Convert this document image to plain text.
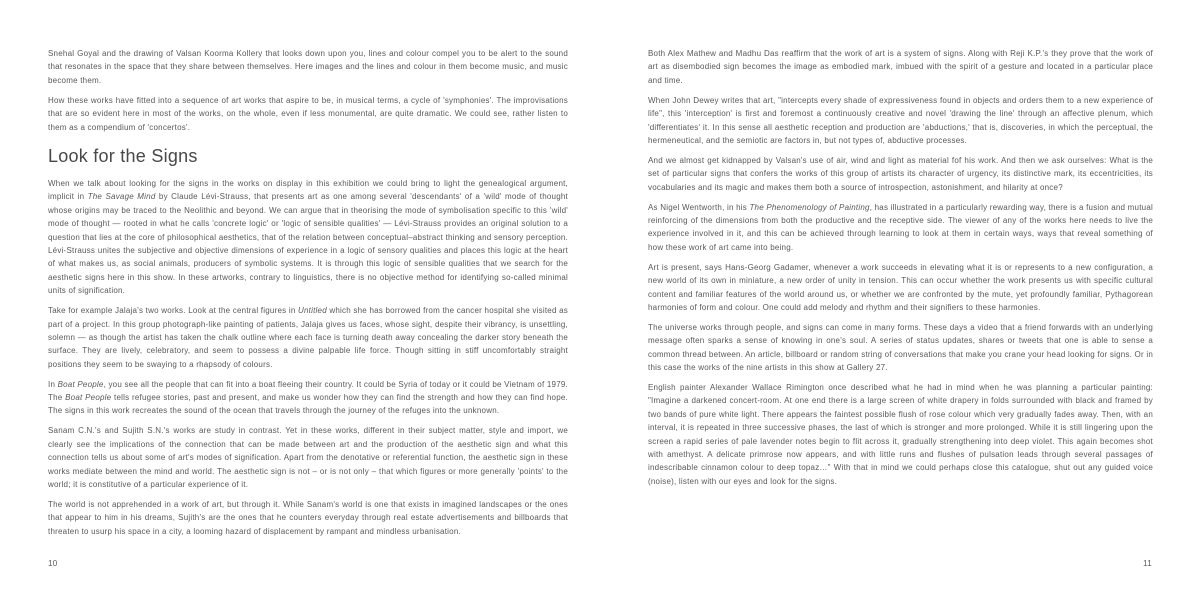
Snehal Goyal and the drawing of Valsan Koorma Kollery that looks down upon you, lines and colour compel you to be alert to the sound that resonates in the space that they share between themselves. Here images and the lines and colour in them become music, and music become them.

How these works have fitted into a sequence of art works that aspire to be, in musical terms, a cycle of 'symphonies'. The improvisations that are so evident here in most of the works, on the whole, even if less monumental, are quite dramatic. We could see, rather listen to them as a compendium of 'concertos'.

Look for the Signs

When we talk about looking for the signs in the works on display in this exhibition we could bring to light the genealogical argument, implicit in The Savage Mind by Claude Lévi-Strauss, that presents art as one among several 'descendants' of a 'wild' mode of thought whose origins may be traced to the Neolithic and beyond. We can argue that in theorising the mode of symbolisation specific to this 'wild' mode of thought — rooted in what he calls 'concrete logic' or 'logic of sensible qualities' — Lévi-Strauss provides an original solution to a question that lies at the core of philosophical aesthetics, that of the relation between conceptual–abstract thinking and sensory perception. Lévi-Strauss unites the subjective and objective dimensions of experience in a logic of sensory qualities and places this logic at the heart of what makes us, as social animals, producers of symbolic systems. It is through this logic of sensible qualities that we search for the aesthetic signs here in this show. In these artworks, contrary to linguistics, there is no objective method for identifying so-called minimal units of signification.

Take for example Jalaja's two works. Look at the central figures in Untitled which she has borrowed from the cancer hospital she visited as part of a project. In this group photograph-like painting of patients, Jalaja gives us faces, whose sight, despite their vibrancy, is unsettling, solemn — as though the artist has taken the chalk outline where each face is turning death away concealing the darker story beneath the surface. They are lively, celebratory, and seem to possess a divine palpable life force. Though sitting in stiff uncomfortably straight positions they seem to be swaying to a rhapsody of colours.

In Boat People, you see all the people that can fit into a boat fleeing their country. It could be Syria of today or it could be Vietnam of 1979. The Boat People tells refugee stories, past and present, and make us wonder how they can find the strength and how they can find hope. The signs in this work recreates the sound of the ocean that travels through the journey of the refuges into the unknown.

Sanam C.N.'s and Sujith S.N.'s works are study in contrast. Yet in these works, different in their subject matter, style and import, we clearly see the implications of the connection that can be made between art and the production of the aesthetic sign and what this connection tells us about some of art's modes of signification. Apart from the denotative or referential function, the aesthetic sign in these works mediate between the mind and world. The aesthetic sign is not – or is not only – that which figures or more generally 'points' to the world; it is constitutive of a particular experience of it.

The world is not apprehended in a work of art, but through it. While Sanam's world is one that exists in imagined landscapes or the ones that appear to him in his dreams, Sujith's are the ones that he counters everyday through real estate advertisements and billboards that threaten to usurp his space in a city, a looming hazard of displacement by rampant and mindless urbanisation.

10

Both Alex Mathew and Madhu Das reaffirm that the work of art is a system of signs. Along with Reji K.P.'s they prove that the work of art as disembodied sign becomes the image as embodied mark, imbued with the spirit of a gesture and located in a particular place and time.

When John Dewey writes that art, "intercepts every shade of expressiveness found in objects and orders them to a new experience of life", this 'interception' is first and foremost a continuously creative and novel 'drawing the line' through an affective plenum, which 'differentiates' it. In this sense all aesthetic reception and production are 'abductions,' that is, discoveries, in which the perceptual, the hermeneutical, and the semiotic are factors in, but not types of, abductive processes.

And we almost get kidnapped by Valsan's use of air, wind and light as material fof his work. And then we ask ourselves: What is the set of particular signs that confers the works of this group of artists its character of urgency, its distinctive mark, its eccentricities, its vocabularies and its magic and makes them both a source of introspection, astonishment, and hilarity at once?

As Nigel Wentworth, in his The Phenomenology of Painting, has illustrated in a particularly rewarding way, there is a fusion and mutual reinforcing of the dimensions from both the productive and the receptive side. The viewer of any of the works here needs to live the experience involved in it, and this can be achieved through learning to look at them in certain ways, ways that reveal something of how these work of art came into being.

Art is present, says Hans-Georg Gadamer, whenever a work succeeds in elevating what it is or represents to a new configuration, a new world of its own in miniature, a new order of unity in tension. This can occur whether the work presents us with specific cultural content and familiar features of the world around us, or whether we are confronted by the mute, yet profoundly familiar, Pythagorean harmonies of form and colour. One could add melody and rhythm and their signifiers to these harmonies.

The universe works through people, and signs can come in many forms. These days a video that a friend forwards with an underlying message often sparks a sense of knowing in one's soul. A series of status updates, shares or tweets that one is able to sense a common thread between. An article, billboard or random string of conversations that make you crane your head looking for signs. Or in this case the works of the nine artists in this show at Gallery 27.

English painter Alexander Wallace Rimington once described what he had in mind when he was planning a particular painting: "Imagine a darkened concert-room. At one end there is a large screen of white drapery in folds surrounded with black and framed by two bands of pure white light. There appears the faintest possible flush of rose colour which very gradually fades away. Then, with an interval, it is repeated in three successive phases, the last of which is stronger and more prolonged. While it is still lingering upon the screen a rapid series of pale lavender notes begin to flit across it, gradually strengthening into deep violet. This again becomes shot with amethyst. A delicate primrose now appears, and with little runs and flushes of pulsation leads through several passages of indescribable cinnamon colour to deep topaz…" With that in mind we could perhaps close this catalogue, shut out any guided voice (noise), listen with our eyes and look for the signs.

11
